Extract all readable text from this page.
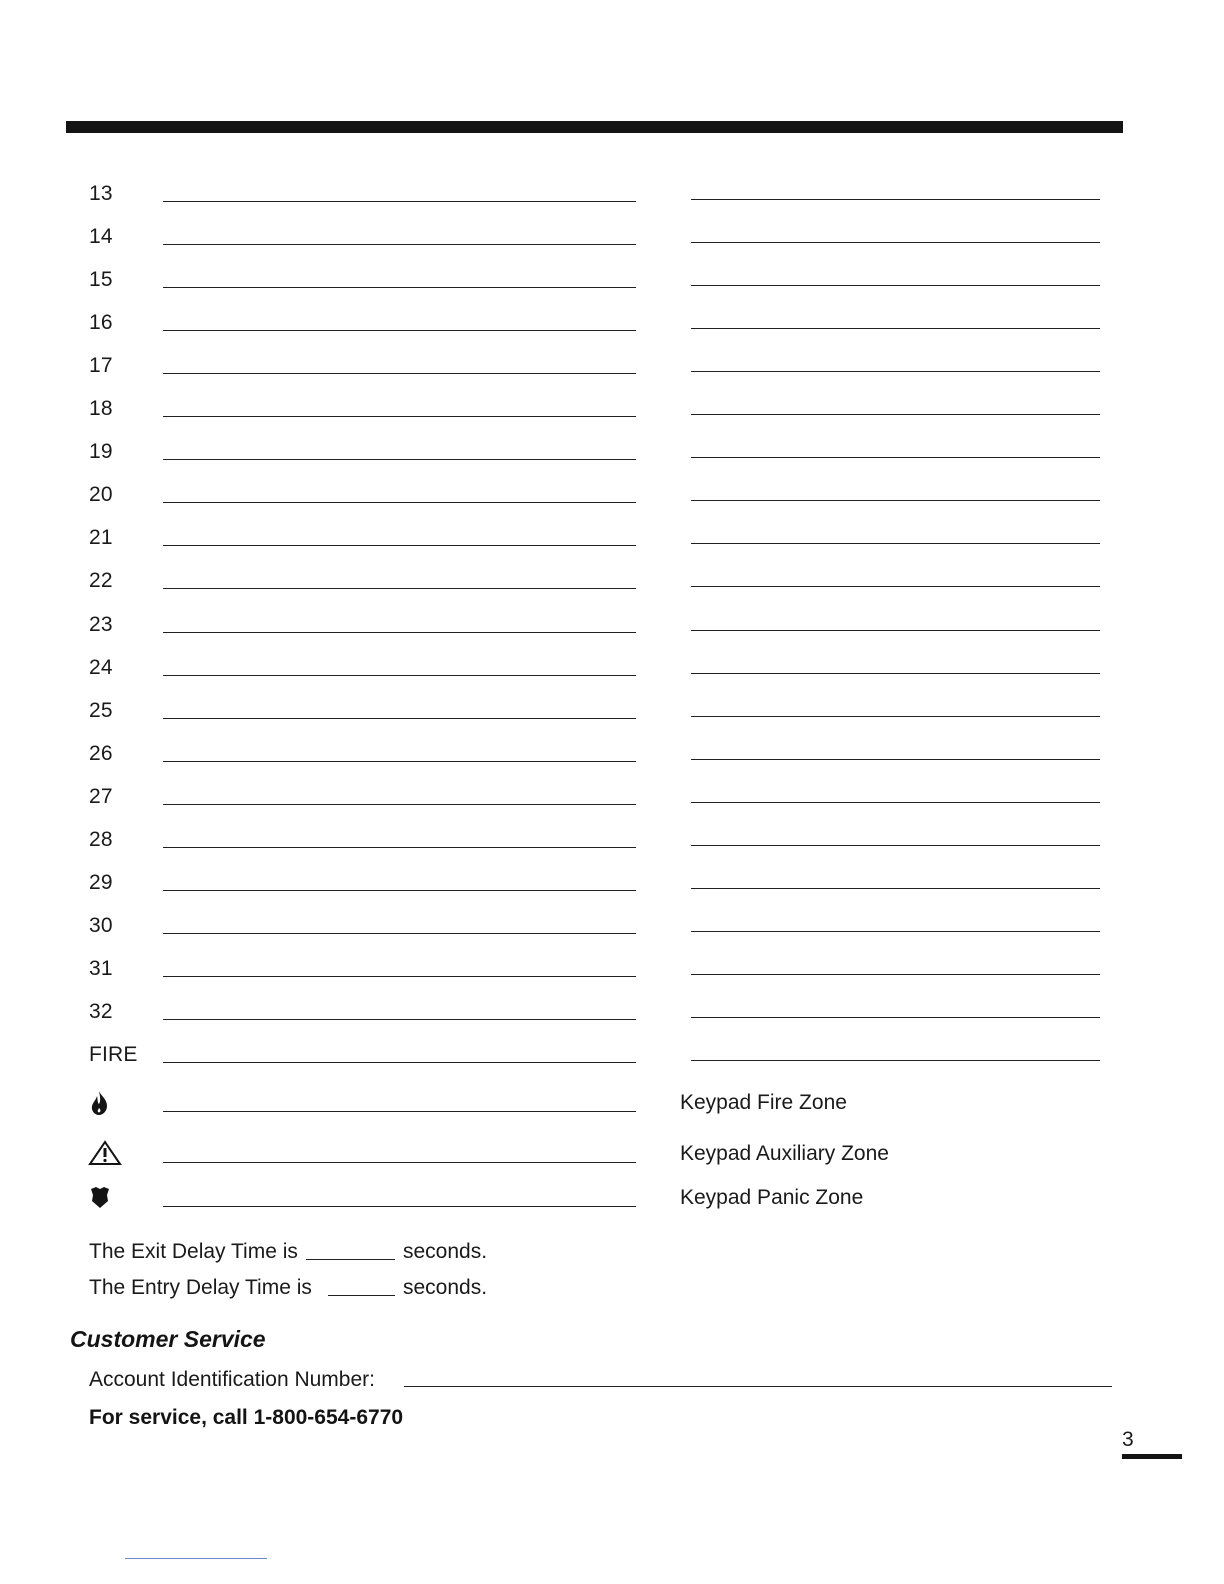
13
14
15
16
17
18
19
20
21
22
23
24
25
26
27
28
29
30
31
32
FIRE
Keypad Fire Zone
Keypad Auxiliary Zone
Keypad Panic Zone
The Exit Delay Time is	seconds.
The Entry Delay Time is	seconds.
Customer Service
Account Identification Number:
For service, call 1-800-654-6770
3
